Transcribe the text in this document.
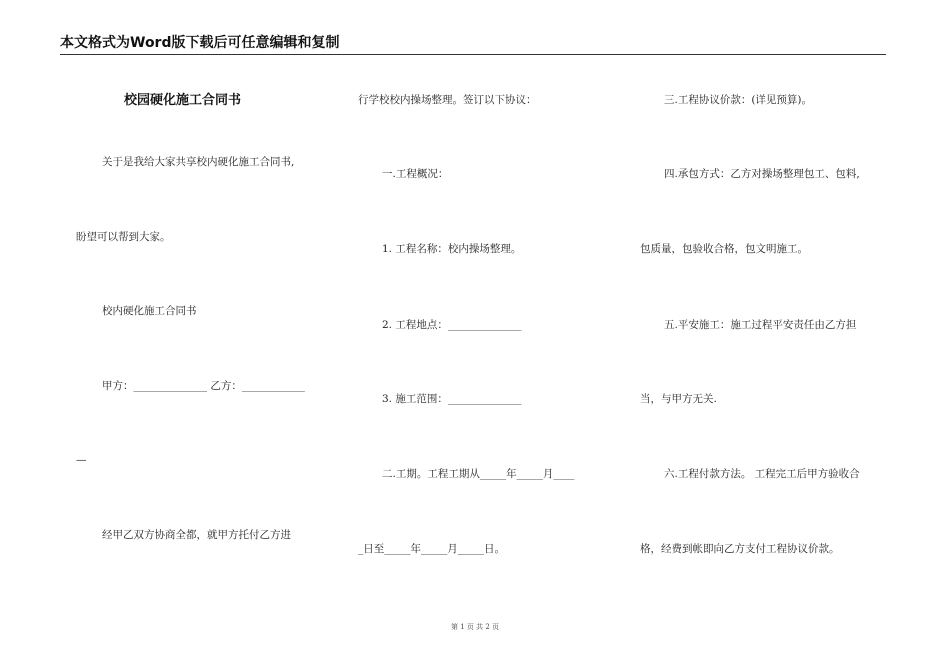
本文格式为Word版下载后可任意编辑和复制
校园硬化施工合同书
关于是我给大家共享校内硬化施工合同书,
盼望可以帮到大家。
校内硬化施工合同书
甲方：______________ 乙方：____________
—
经甲乙双方协商全都，就甲方托付乙方进
行学校校内操场整理。签订以下协议：
一.工程概况：
1. 工程名称：校内操场整理。
2. 工程地点：______________
3. 施工范围：______________
二.工期。工程工期从_____年_____月____
_日至_____年_____月_____日。
三.工程协议价款：(详见预算)。
四.承包方式：乙方对操场整理包工、包料,
包质量，包验收合格，包文明施工。
五.平安施工：施工过程平安责任由乙方担
当，与甲方无关.
六.工程付款方法。 工程完工后甲方验收合
格，经费到帐即向乙方支付工程协议价款。
第 1 页 共 2 页
